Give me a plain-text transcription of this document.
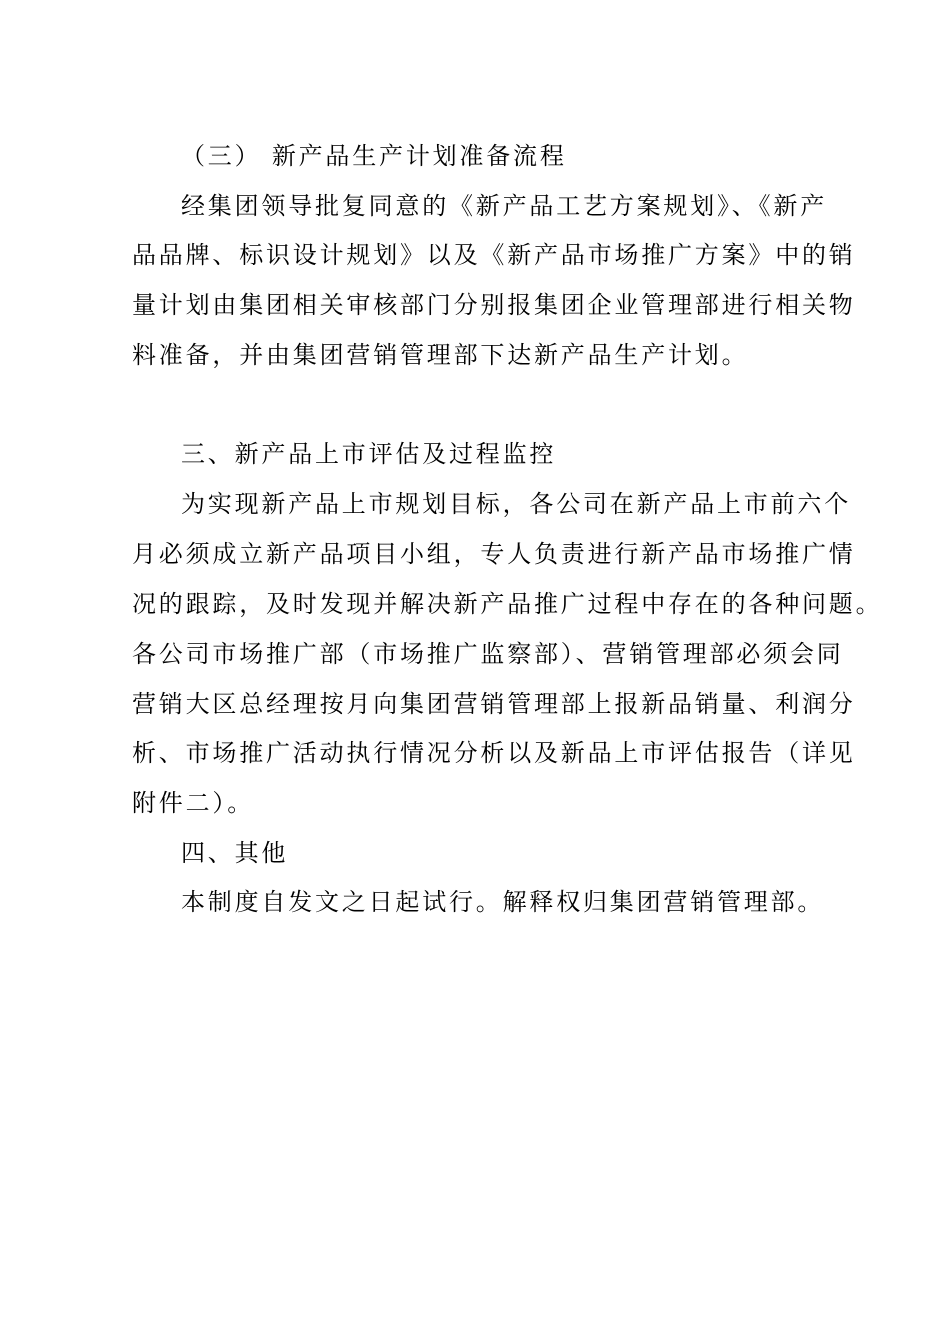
（三） 新产品生产计划准备流程
经集团领导批复同意的《新产品工艺方案规划》、《新产
品品牌、标识设计规划》以及《新产品市场推广方案》中的销
量计划由集团相关审核部门分别报集团企业管理部进行相关物
料准备，并由集团营销管理部下达新产品生产计划。
三、新产品上市评估及过程监控
为实现新产品上市规划目标，各公司在新产品上市前六个
月必须成立新产品项目小组，专人负责进行新产品市场推广情
况的跟踪，及时发现并解决新产品推广过程中存在的各种问题。
各公司市场推广部（市场推广监察部）、营销管理部必须会同
营销大区总经理按月向集团营销管理部上报新品销量、利润分
析、市场推广活动执行情况分析以及新品上市评估报告（详见
附件二）。
四、其他
本制度自发文之日起试行。解释权归集团营销管理部。
